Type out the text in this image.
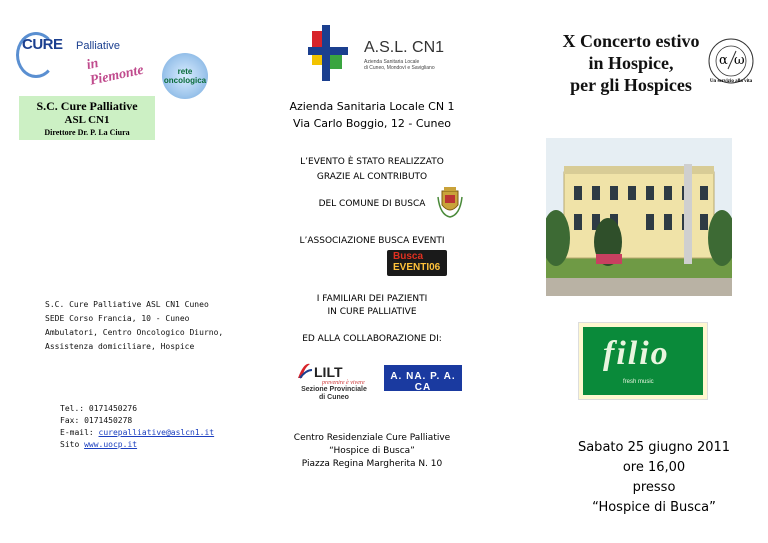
CURE Palliative
in Piemonte	rete
oncologica
S.C. Cure Palliative
ASL CN1
Direttore Dr. P. La Ciura
S.C. Cure Palliative ASL CN1 Cuneo
SEDE Corso Francia, 10 - Cuneo
Ambulatori, Centro Oncologico Diurno,
Assistenza domiciliare, Hospice
Tel.: 0171450276
Fax: 0171450278
E-mail: curepalliative@aslcn1.it
Sito www.uocp.it
A.S.L. CN1
Azienda Sanitaria Locale
di Cuneo, Mondovì e Savigliano
Azienda Sanitaria Locale CN 1
Via Carlo Boggio, 12 - Cuneo
L’EVENTO È STATO REALIZZATO
GRAZIE AL CONTRIBUTO
DEL COMUNE DI BUSCA
L’ASSOCIAZIONE BUSCA EVENTI
Busca
EVENTI06
I FAMILIARI DEI PAZIENTI
IN CURE PALLIATIVE
ED ALLA COLLABORAZIONE DI:
LILT
prevenire è vivere
Sezione Provinciale
di Cuneo
A. NA. P. A. CA
Centro Residenziale Cure Palliative
“Hospice di Busca”
Piazza Regina Margherita N. 10
X Concerto estivo
in Hospice,
per gli Hospices
α ω
Un servizio alla vita
filio
fresh music
Sabato 25 giugno 2011
ore 16,00
presso
“Hospice di Busca”
